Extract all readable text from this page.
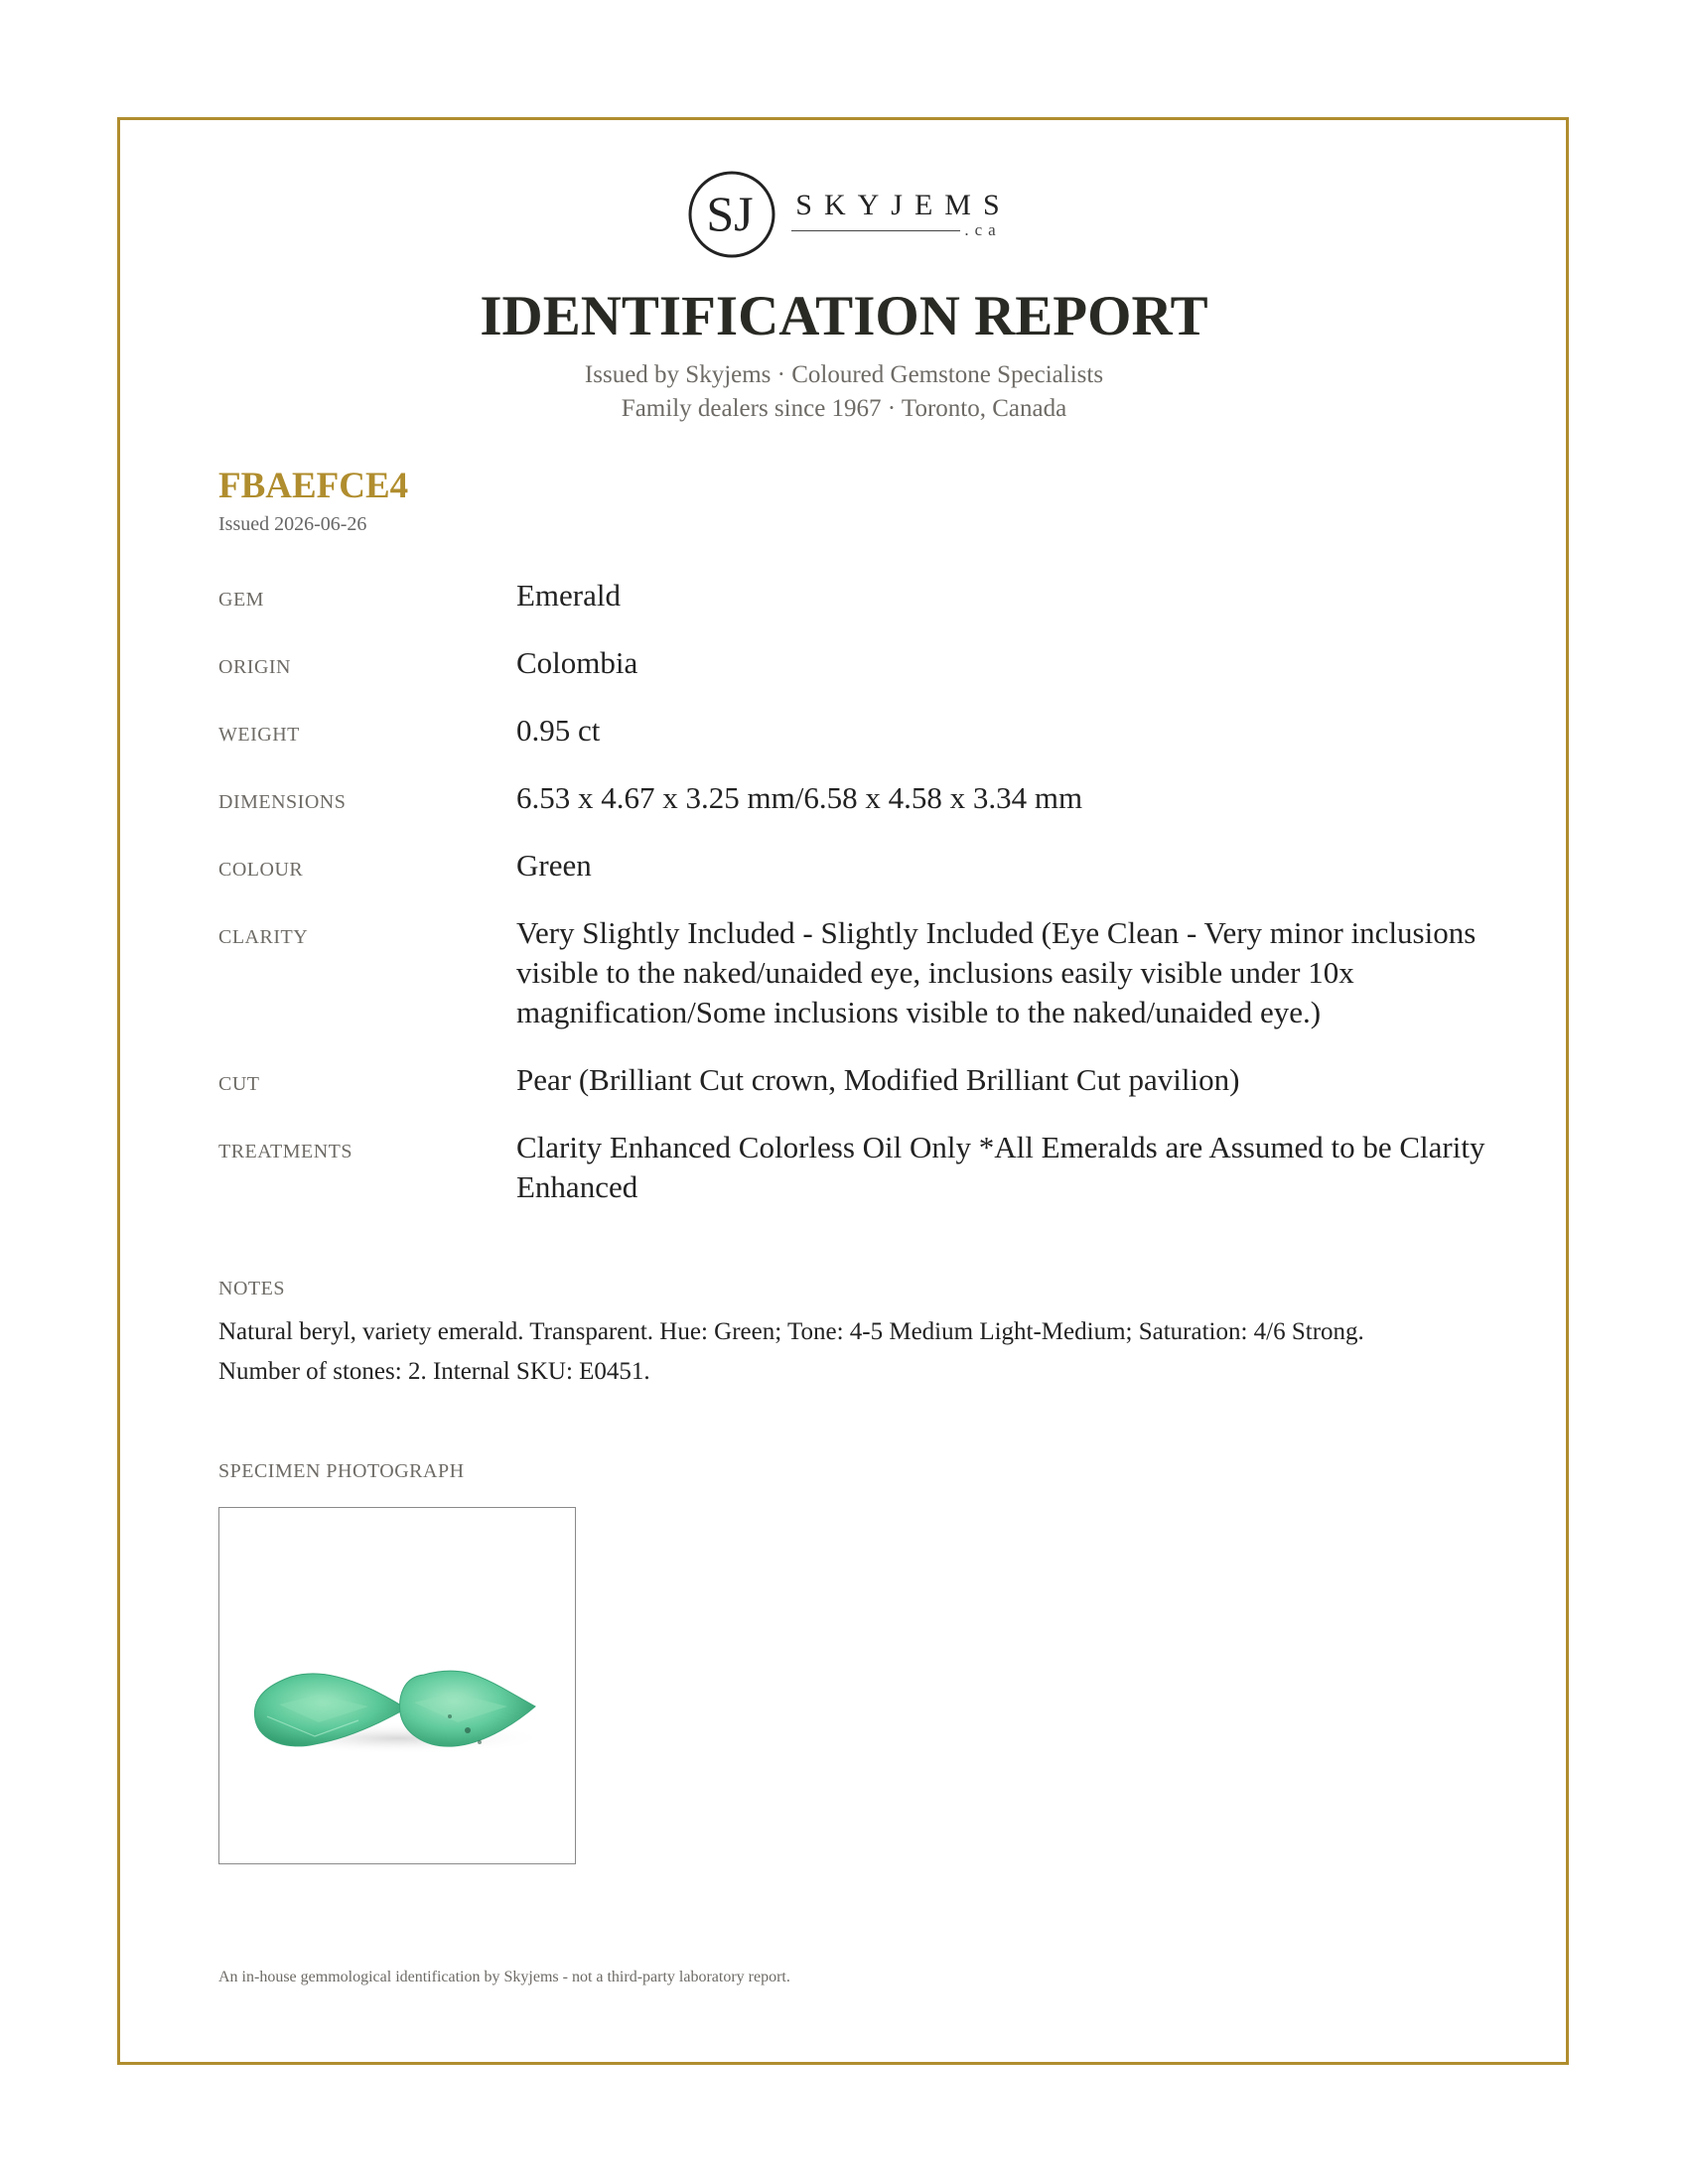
SJ SKYJEMS
.ca
IDENTIFICATION REPORT
Issued by Skyjems · Coloured Gemstone Specialists
Family dealers since 1967 · Toronto, Canada
FBAEFCE4
Issued 2026-06-26
GEM	Emerald
ORIGIN	Colombia
WEIGHT	0.95 ct
DIMENSIONS	6.53 x 4.67 x 3.25 mm/6.58 x 4.58 x 3.34 mm
COLOUR	Green
CLARITY	Very Slightly Included - Slightly Included (Eye Clean - Very minor inclusions visible to the naked/unaided eye, inclusions easily visible under 10x magnification/Some inclusions visible to the naked/unaided eye.)
CUT	Pear (Brilliant Cut crown, Modified Brilliant Cut pavilion)
TREATMENTS	Clarity Enhanced Colorless Oil Only *All Emeralds are Assumed to be Clarity Enhanced
NOTES
Natural beryl, variety emerald. Transparent. Hue: Green; Tone: 4-5 Medium Light-Medium; Saturation: 4/6 Strong. Number of stones: 2. Internal SKU: E0451.
SPECIMEN PHOTOGRAPH
An in-house gemmological identification by Skyjems - not a third-party laboratory report.
